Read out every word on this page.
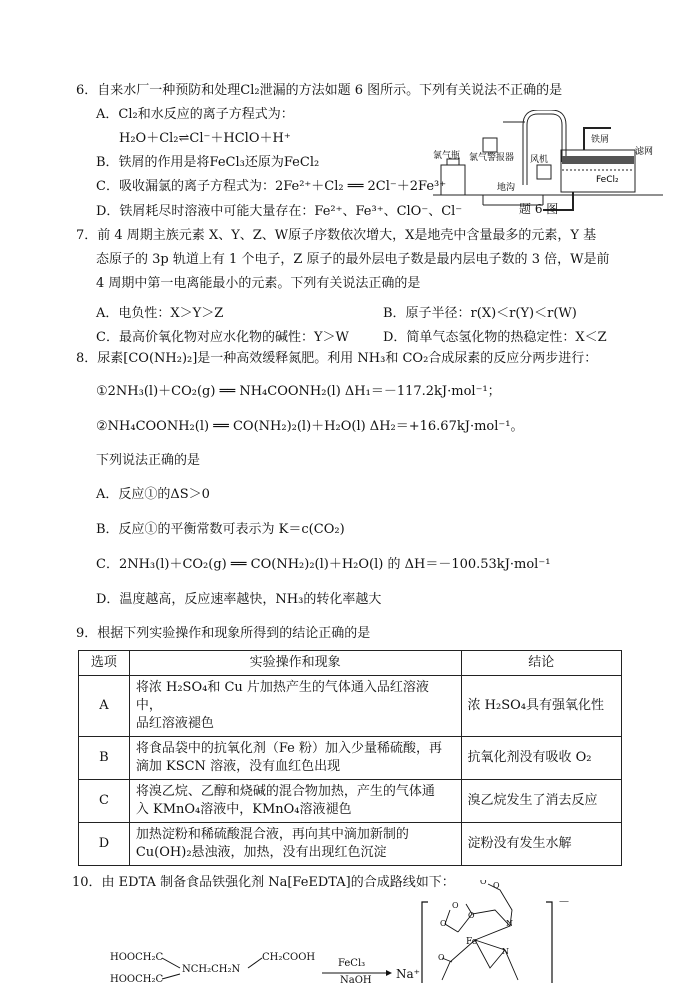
6．自来水厂一种预防和处理Cl₂泄漏的方法如题 6 图所示。下列有关说法不正确的是
A．Cl₂和水反应的离子方程式为：
H₂O＋Cl₂⇌Cl⁻＋HClO＋H⁺
B．铁屑的作用是将FeCl₃还原为FeCl₂
C．吸收漏氯的离子方程式为：2Fe²⁺＋Cl₂ ══ 2Cl⁻＋2Fe³⁺
D．铁屑耗尽时溶液中可能大量存在：Fe²⁺、Fe³⁺、ClO⁻、Cl⁻
氯气瓶 氯气警报器
地沟
风机
铁屑
滤网
FeCl₂
题 6 图
7．前 4 周期主族元素 X、Y、Z、W原子序数依次增大，X是地壳中含量最多的元素，Y 基
态原子的 3p 轨道上有 1 个电子，Z 原子的最外层电子数是最内层电子数的 3 倍，W是前
4 周期中第一电离能最小的元素。下列有关说法正确的是
A．电负性：X＞Y＞Z	B．原子半径：r(X)＜r(Y)＜r(W)
C．最高价氧化物对应水化物的碱性：Y＞W	D．简单气态氢化物的热稳定性：X＜Z
8．尿素[CO(NH₂)₂]是一种高效缓释氮肥。利用 NH₃和 CO₂合成尿素的反应分两步进行：
①2NH₃(l)＋CO₂(g) ══ NH₄COONH₂(l) ΔH₁＝－117.2kJ·mol⁻¹；
②NH₄COONH₂(l) ══ CO(NH₂)₂(l)＋H₂O(l) ΔH₂＝+16.67kJ·mol⁻¹。
下列说法正确的是
A．反应①的ΔS＞0
B．反应①的平衡常数可表示为 K＝c(CO₂)
C．2NH₃(l)＋CO₂(g) ══ CO(NH₂)₂(l)＋H₂O(l) 的 ΔH＝－100.53kJ·mol⁻¹
D．温度越高，反应速率越快，NH₃的转化率越大
9．根据下列实验操作和现象所得到的结论正确的是
选项	实验操作和现象	结论
A	将浓 H₂SO₄和 Cu 片加热产生的气体通入品红溶液中，
品红溶液褪色	浓 H₂SO₄具有强氧化性
B	将食品袋中的抗氧化剂（Fe 粉）加入少量稀硫酸，再
滴加 KSCN 溶液，没有血红色出现	抗氧化剂没有吸收 O₂
C	将溴乙烷、乙醇和烧碱的混合物加热，产生的气体通
入 KMnO₄溶液中，KMnO₄溶液褪色	溴乙烷发生了消去反应
D	加热淀粉和稀硫酸混合液，再向其中滴加新制的
Cu(OH)₂悬浊液，加热，没有出现红色沉淀	淀粉没有发生水解
10．由 EDTA 制备食品铁强化剂 Na[FeEDTA]的合成路线如下：
HOOCH₂C
NCH₂CH₂N
CH₂COOH
HOOCH₂C
FeCl₃
NaOH Na⁺
－
Fe
N
N
O
O
O
O
O
O
